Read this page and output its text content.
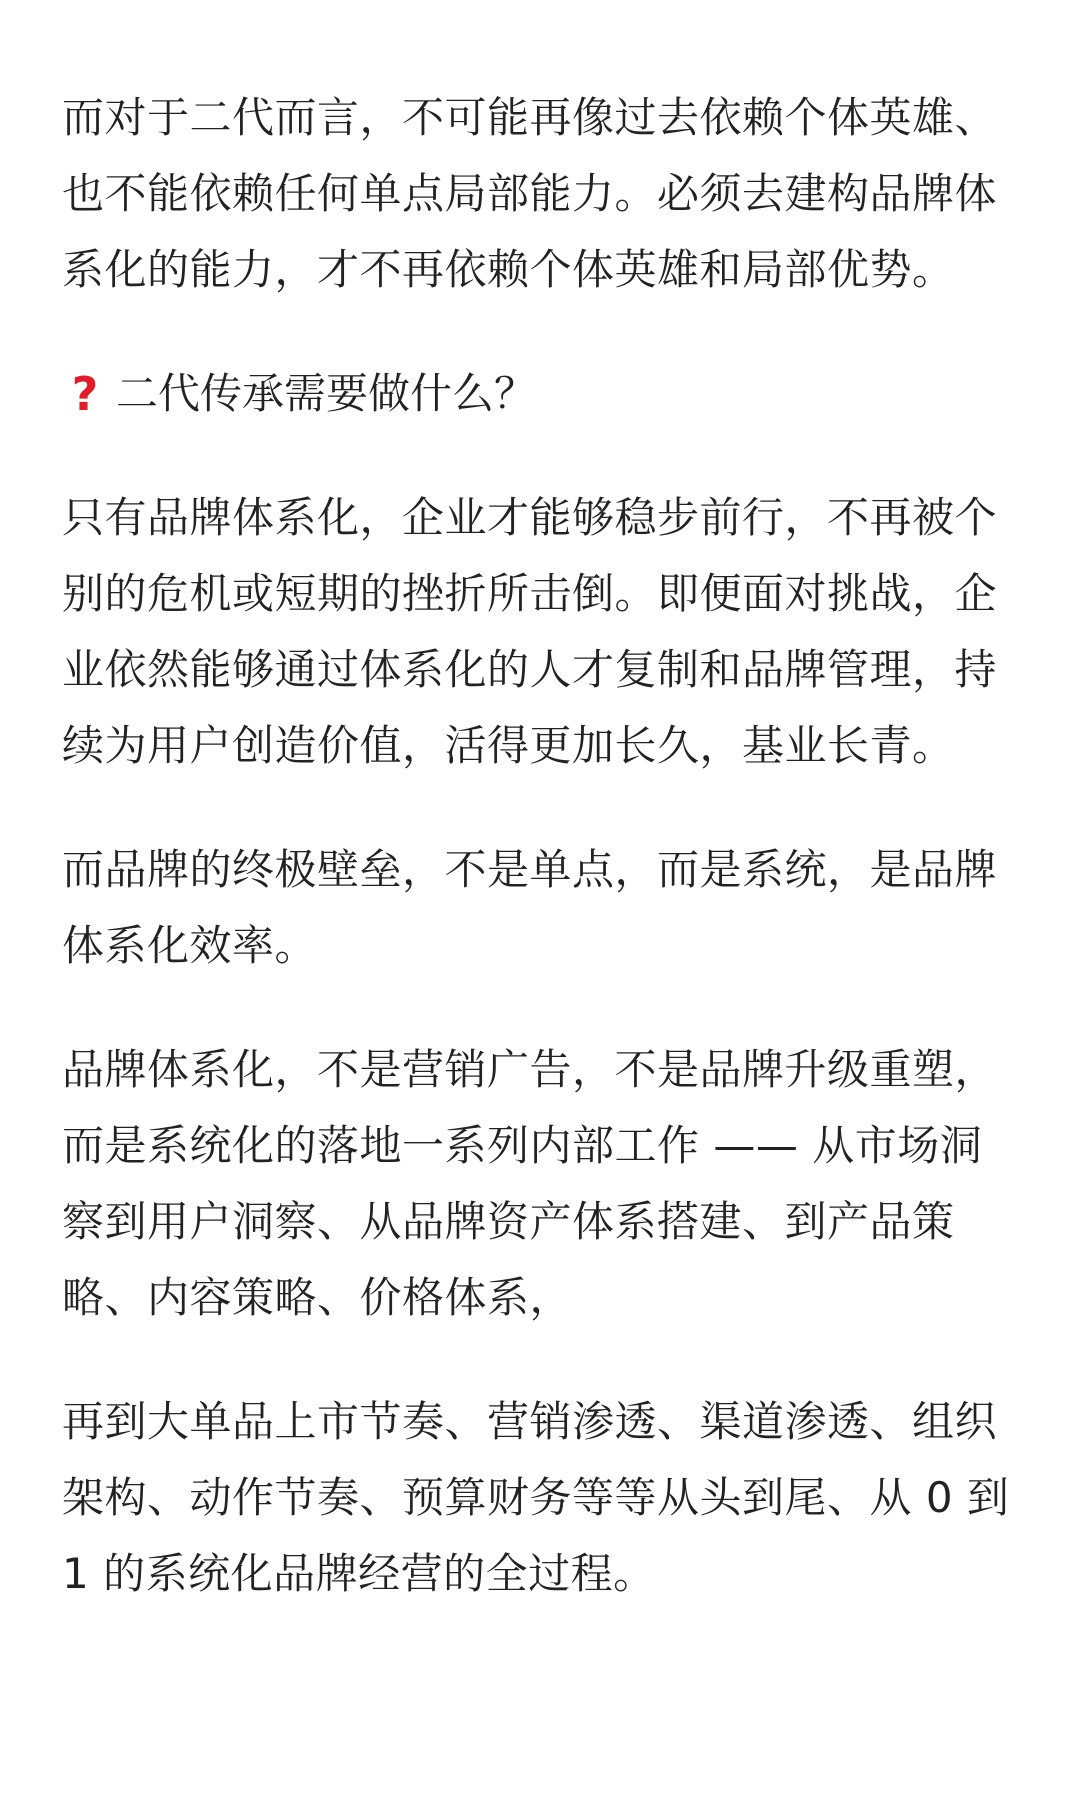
而对于二代而言，不可能再像过去依赖个体英雄、也不能依赖任何单点局部能力。必须去建构品牌体系化的能力，才不再依赖个体英雄和局部优势。

? 二代传承需要做什么？

只有品牌体系化，企业才能够稳步前行，不再被个别的危机或短期的挫折所击倒。即便面对挑战，企业依然能够通过体系化的人才复制和品牌管理，持续为用户创造价值，活得更加长久，基业长青。

而品牌的终极壁垒，不是单点，而是系统，是品牌体系化效率。

品牌体系化，不是营销广告，不是品牌升级重塑，而是系统化的落地一系列内部工作 —— 从市场洞察到用户洞察、从品牌资产体系搭建、到产品策略、内容策略、价格体系，

再到大单品上市节奏、营销渗透、渠道渗透、组织架构、动作节奏、预算财务等等从头到尾、从 0 到 1 的系统化品牌经营的全过程。
